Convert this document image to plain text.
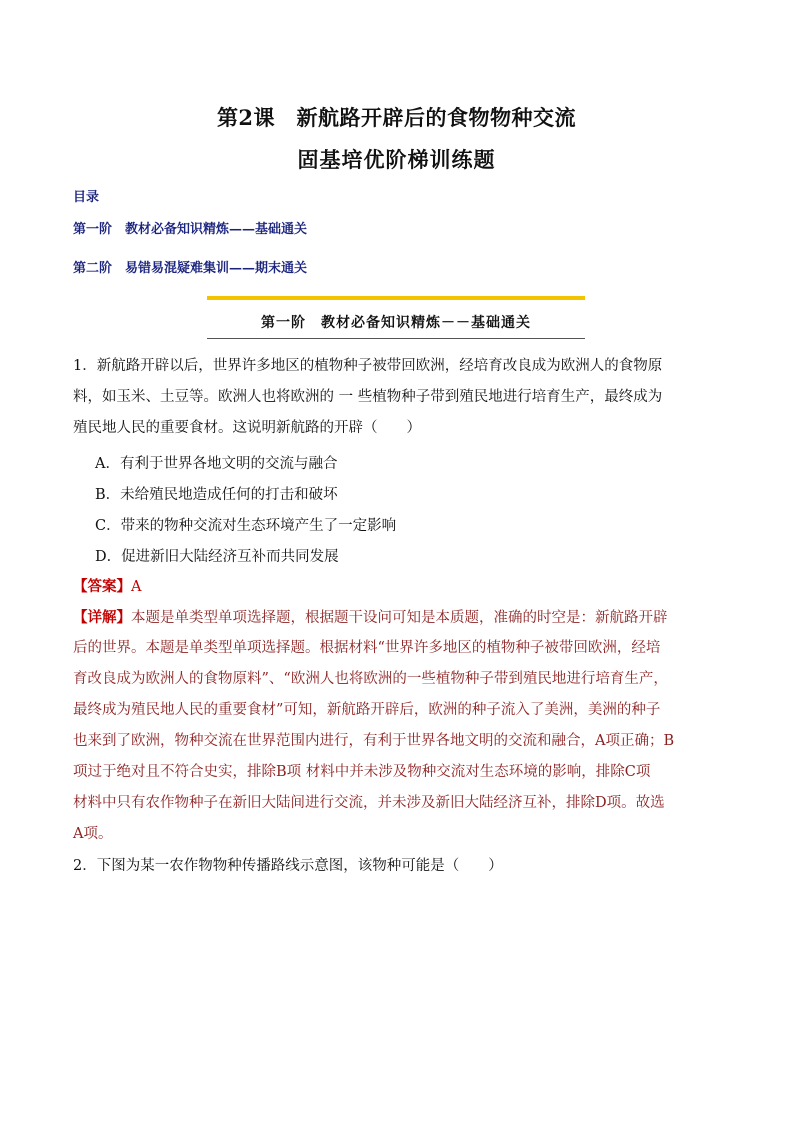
第2课　新航路开辟后的食物物种交流
固基培优阶梯训练题
目录
第一阶　教材必备知识精炼——基础通关
第二阶　易错易混疑难集训——期末通关
第一阶　教材必备知识精炼－－基础通关
1．新航路开辟以后，世界许多地区的植物种子被带回欧洲，经培育改良成为欧洲人的食物原
料，如玉米、土豆等。欧洲人也将欧洲的 一 些植物种子带到殖民地进行培育生产，最终成为
殖民地人民的重要食材。这说明新航路的开辟（　　）
A．有利于世界各地文明的交流与融合
B．未给殖民地造成任何的打击和破坏
C．带来的物种交流对生态环境产生了一定影响
D．促进新旧大陆经济互补而共同发展
【答案】A
【详解】本题是单类型单项选择题，根据题干设问可知是本质题，准确的时空是：新航路开辟
后的世界。本题是单类型单项选择题。根据材料“世界许多地区的植物种子被带回欧洲，经培
育改良成为欧洲人的食物原料”、“欧洲人也将欧洲的一些植物种子带到殖民地进行培育生产，
最终成为殖民地人民的重要食材”可知，新航路开辟后，欧洲的种子流入了美洲，美洲的种子
也来到了欧洲，物种交流在世界范围内进行，有利于世界各地文明的交流和融合，A项正确；B
项过于绝对且不符合史实，排除B项 材料中并未涉及物种交流对生态环境的影响，排除C项
材料中只有农作物种子在新旧大陆间进行交流，并未涉及新旧大陆经济互补，排除D项。故选
A项。
2．下图为某一农作物物种传播路线示意图，该物种可能是（　　）
